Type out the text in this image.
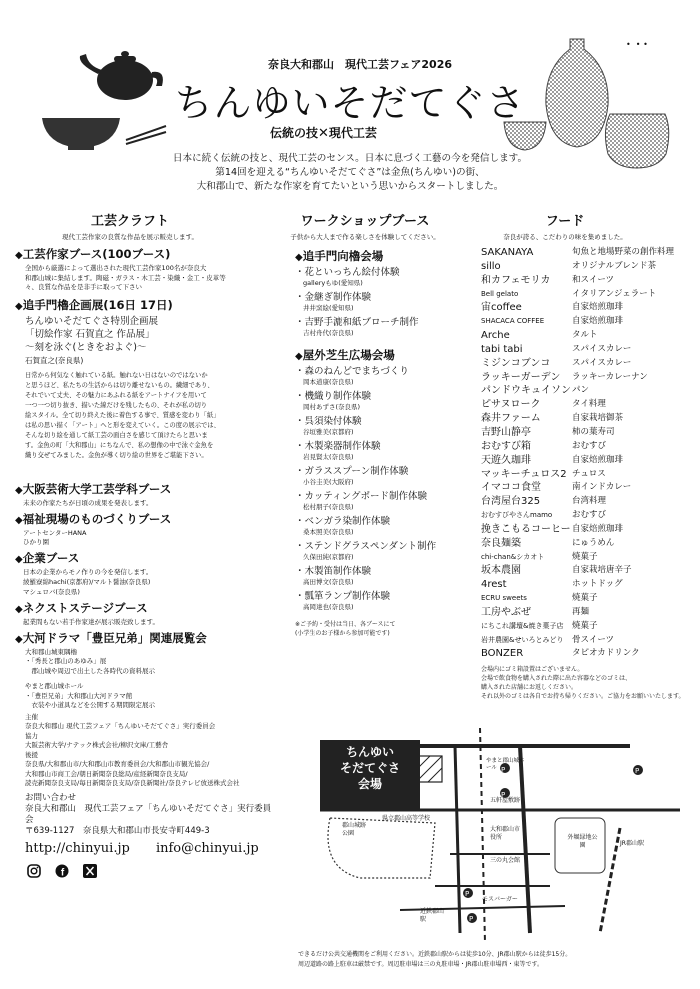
•  • •
奈良大和郡山　現代工芸フェア2026
ちんゆいそだてぐさ
伝統の技✕現代工芸
日本に続く伝統の技と、現代工芸のセンス。日本に息づく工藝の今を発信します。
第14回を迎える“ちんゆいそだてぐさ”は金魚(ちんゆい)の街、
大和郡山で、新たな作家を育てたいという思いからスタートしました。
工芸クラフト
現代工芸作家の良質な作品を展示販売します。
◆ 工芸作家ブース(100ブース)
全国から厳選によって選出された現代工芸作家100名が奈良大
和郡山城に集結します。陶磁・ガラス・木工芸・染織・金工・皮革等
々、良質な作品を是非手に取って下さい
◆ 追手門櫓企画展(16日 17日)
ちんゆいそだてぐさ特別企画展
「切絵作家 石賀直之 作品展」
〜刻を泳ぐ(ときをおよぐ)〜
石賀直之(奈良県)
日常から何気なく触れている紙。触れない日はないのではないか
と思うほど、私たちの生活からは切り離せないもの。繊細であり、
それでいて丈夫、その魅力にあふれる紙をアートナイフを用いて
一つ一つ切り抜き、描いた線だけを残したもの、それが私の切り
絵スタイル。全て切り終えた後に着色する事で、質感を変わり「紙」
は私の思い描く「アート」へと形を変えていく。この度の展示では、
そんな切り絵を通して紙工芸の面白さを感じて頂けたらと思いま
す。金魚の町「大和郡山」にちなんで、私の想像の中で泳ぐ金魚を
織り交ぜてみました。金魚が導く切り絵の世界をご堪能下さい。
◆ 大阪芸術大学工芸学科ブース
未来の作家たちが日頃の成果を発表します。
◆ 福祉現場のものづくりブース
アートセンターHANA
ひかり園
◆ 企業ブース
日本の企業からモノ作りの今を発信します。
綾羅寮綿hachi(京都府)/マルト醤油(奈良県)
マシュロバ(奈良県)
◆ ネクストステージブース
起業間もない若手作家達が展示販売致します。
◆ 大河ドラマ「豊臣兄弟」関連展覧会
大和郡山城東隅櫓
・「秀長と郡山のあゆみ」展
　郡山城や周辺で出土した各時代の資料展示
やまと郡山城ホール
・「豊臣兄弟」大和郡山大河ドラマ館
　衣装や小道具などを公開する期間限定展示
主催
奈良大和郡山 現代工芸フェア「ちんゆいそだてぐさ」実行委員会
協力
大阪芸術大学/ナテック株式会社/柳沢文庫/工藝舎
後援
奈良県/大和郡山市/大和郡山市教育委員会/大和郡山市観光協会/
大和郡山市商工会/朝日新聞奈良総局/産経新聞奈良支局/
読売新聞奈良支局/毎日新聞奈良支局/奈良新聞社/奈良テレビ放送株式会社
お問い合わせ
奈良大和郡山　現代工芸フェア「ちんゆいそだてぐさ」実行委員会
〒639-1127　奈良県大和郡山市長安寺町449-3
http://chinyui.jp info@chinyui.jp
f
ワークショップブース
子供から大人まで作る楽しさを体験してください。
◆ 追手門向櫓会場
・花といっちん絵付体験
galleryもゆ(愛知県)
・金継ぎ制作体験
井井窯絵(愛知県)
・吉野手漉和紙ブローチ制作
吉村舟代(奈良県)
◆ 屋外芝生広場会場
・森のねんどでまちづくり
岡本道康(奈良県)
・機織り制作体験
岡村あずさ(奈良県)
・呉須染付体験
谷垣雅美(京都府)
・木製楽器制作体験
岩見賢太(奈良県)
・ガラススプーン制作体験
小谷圭美(大阪府)
・カッティングボード制作体験
松村朋子(奈良県)
・ベンガラ染制作体験
桑本照美(奈良県)
・ステンドグラスペンダント制作
久保田純(京都府)
・木製笛制作体験
高田博文(奈良県)
・瓢箪ランプ制作体験
高岡達也(奈良県)
※ご予約・受付は当日、各ブースにて
(小学生のお子様から参加可能です)
フード
奈良が誇る、こだわりの味を集めました。
SAKANAYA
sillo
和カフェモリカ
Bell gelato
宙coffee
SHACACA COFFEE
Arche
tabi tabi
ミジンコブンコ
ラッキーガーデン
パンドウキュイソン
ピサヌローク
森井ファーム
吉野山静亭
おむすび箱
天遊久珈琲
マッキーチュロス2
イマココ食堂
台湾屋台325
おむすびやさんmamo
挽きこもるコーヒー
奈良麺築
chi-chan&シカオト
坂本農園
4rest
ECRU sweets
工房やぶぜ
にちこれ講壇&焼き菓子店
岩井農園&せいろとみどり
BONZER
旬魚と地場野菜の創作料理
オリジナルブレンド茶
和スイーツ
イタリアンジェラート
自家焙煎珈琲
自家焙煎珈琲
タルト
スパイスカレー
スパイスカレー
ラッキーカレーナン
パン
タイ料理
自家栽培御茶
柿の葉寿司
おむすび
自家焙煎珈琲
チュロス
南インドカレー
台湾料理
おむすび
自家焙煎珈琲
にゅうめん
焼菓子
自家栽培唐辛子
ホットドッグ
焼菓子
再麺
焼菓子
骨スイーツ
タピオカドリンク
会場内にゴミ箱設置はございません。
会場で飲食物を購入された際に出た容器などのゴミは、
購入された店舗にお返しください。
それ以外のゴミは各自でお持ち帰りください。ご協力をお願いいたします。
ちんゆい
そだてぐさ
会場
P
P
P
P
P
やまと郡山城ホール
五軒屋敷跡
県立郡山高等学校
郡山城跡公園
大和郡山市役所
三の丸会館
外堀緑地公園	JR郡山駅
近鉄郡山駅
モスバーガー
できるだけ公共交通機関をご利用ください。近鉄郡山駅からは徒歩10分、JR郡山駅からは徒歩15分。
周辺道路の路上駐車は厳禁です。周辺駐車場は三の丸駐車場・JR郡山駐車場西・東等です。
